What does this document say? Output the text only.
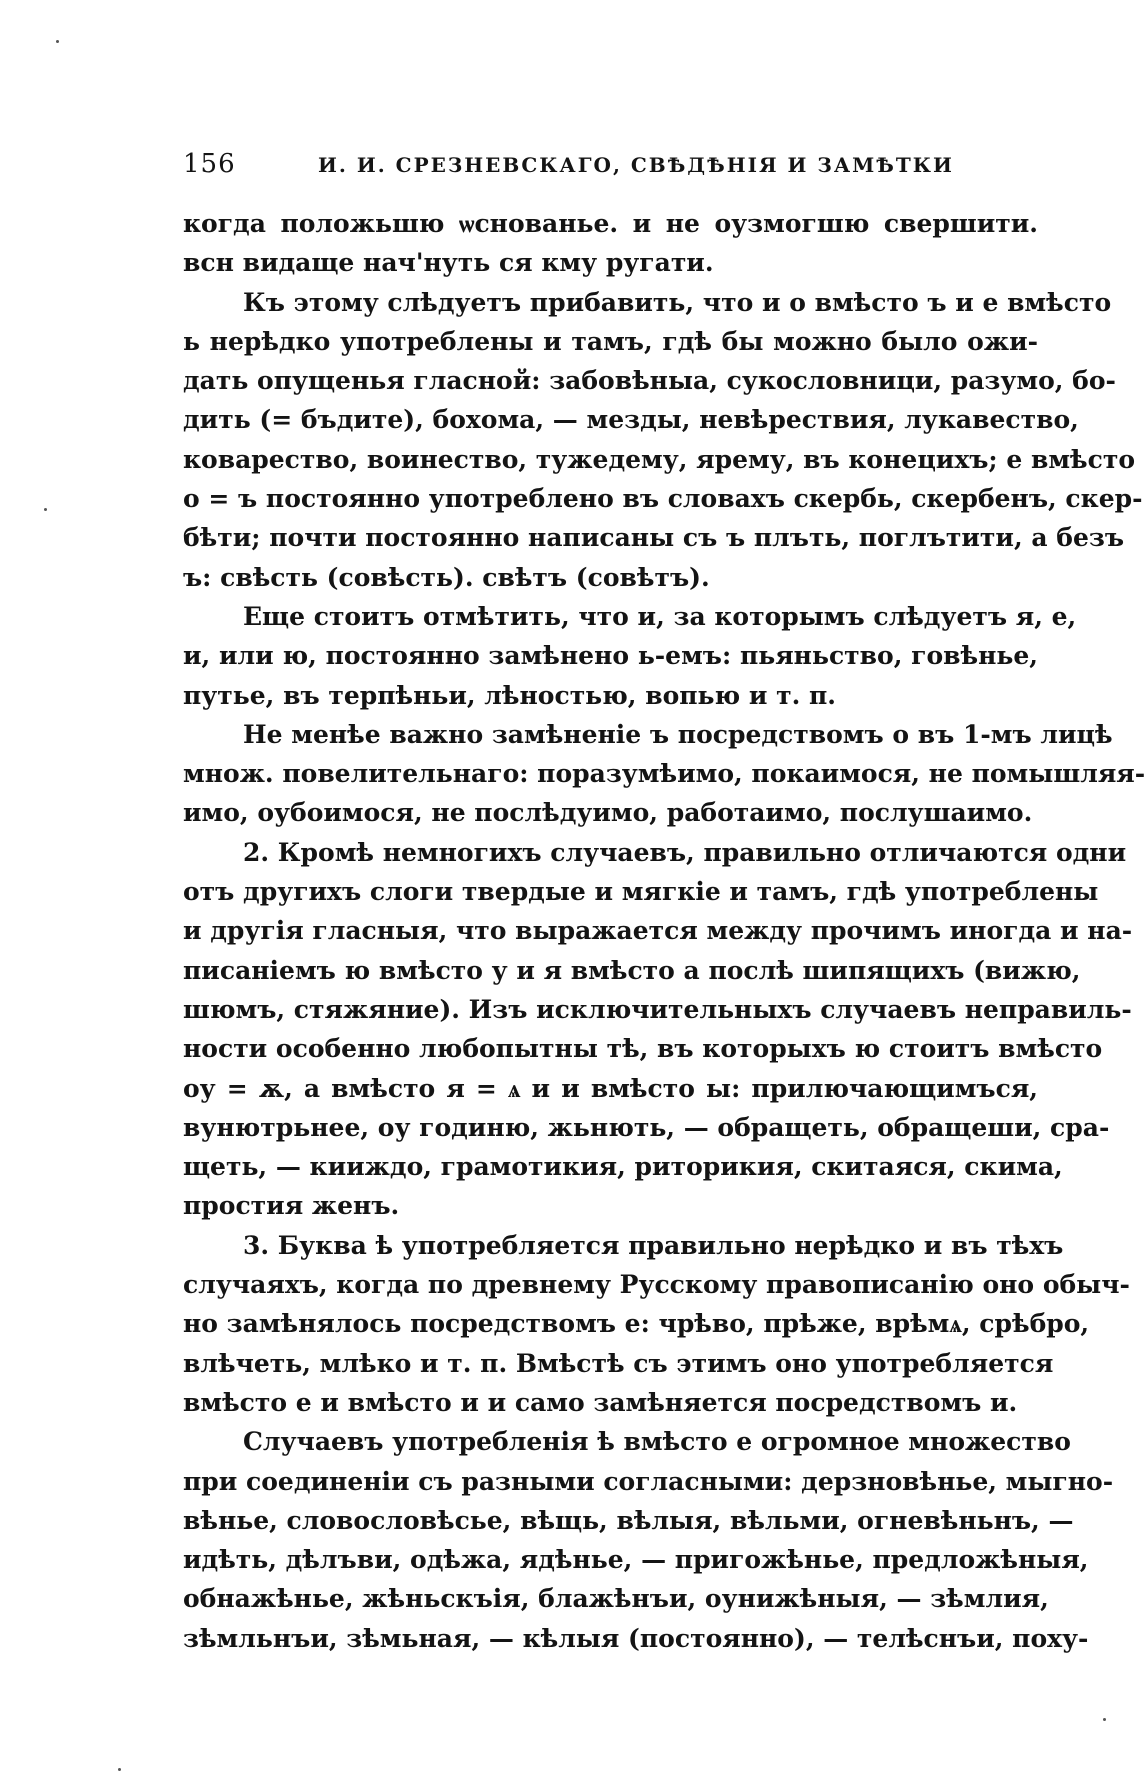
156	И. И. СРЕЗНЕВСКАГО, СВѢДѢНІЯ И ЗАМѢТКИ
когда положьшю ѡснованье. и не оузмогшю свершити.
всн видаще нач'нуть ся кму ругати.
Къ этому слѣдуетъ прибавить, что и о вмѣсто ъ и е вмѣсто
ь нерѣдко употреблены и тамъ, гдѣ бы можно было ожи-
дать опущенья гласной: забовѣныа, сукословници, разумо, бо-
дить (= бъдите), бохома, — мезды, невѣрествия, лукавество,
коварество, воинество, тужедему, ярему, въ конецихъ; е вмѣсто
о = ъ постоянно употреблено въ словахъ скербь, скербенъ, скер-
бѣти; почти постоянно написаны съ ъ плъть, поглътити, а безъ
ъ: свѣсть (совѣсть). свѣтъ (совѣтъ).
Еще стоитъ отмѣтить, что и, за которымъ слѣдуетъ я, е,
и, или ю, постоянно замѣнено ь-емъ: пьяньство, говѣнье,
путье, въ терпѣньи, лѣностью, вопью и т. п.
Не менѣе важно замѣненіе ъ посредствомъ о въ 1-мъ лицѣ
множ. повелительнаго: поразумѣимо, покаимося, не помышляя-
имо, оубоимося, не послѣдуимо, работаимо, послушаимо.
2. Кромѣ немногихъ случаевъ, правильно отличаются одни
отъ другихъ слоги твердые и мягкіе и тамъ, гдѣ употреблены
и другія гласныя, что выражается между прочимъ иногда и на-
писаніемъ ю вмѣсто у и я вмѣсто а послѣ шипящихъ (вижю,
шюмъ, стяжяние). Изъ исключительныхъ случаевъ неправиль-
ности особенно любопытны тѣ, въ которыхъ ю стоитъ вмѣсто
оу = ѫ, а вмѣсто я = ѧ и и вмѣсто ы: прилючающимъся,
вунютрьнее, оу годиню, жьнють, — обращеть, обращеши, сра-
щеть, — кииждо, грамотикия, риторикия, скитаяся, скима,
простия женъ.
3. Буква ѣ употребляется правильно нерѣдко и въ тѣхъ
случаяхъ, когда по древнему Русскому правописанію оно обыч-
но замѣнялось посредствомъ е: чрѣво, прѣже, врѣмѧ, срѣбро,
влѣчеть, млѣко и т. п. Вмѣстѣ съ этимъ оно употребляется
вмѣсто е и вмѣсто и и само замѣняется посредствомъ и.
Случаевъ употребленія ѣ вмѣсто е огромное множество
при соединеніи съ разными согласными: дерзновѣнье, мыгно-
вѣнье, словословѣсье, вѣщь, вѣлыя, вѣльми, огневѣньнъ, —
идѣть, дѣлъви, одѣжа, ядѣнье, — пригожѣнье, предложѣныя,
обнажѣнье, жѣньскъія, блажѣнъи, оунижѣныя, — зѣмлия,
зѣмльнъи, зѣмьная, — кѣлыя (постоянно), — телѣснъи, поху-
